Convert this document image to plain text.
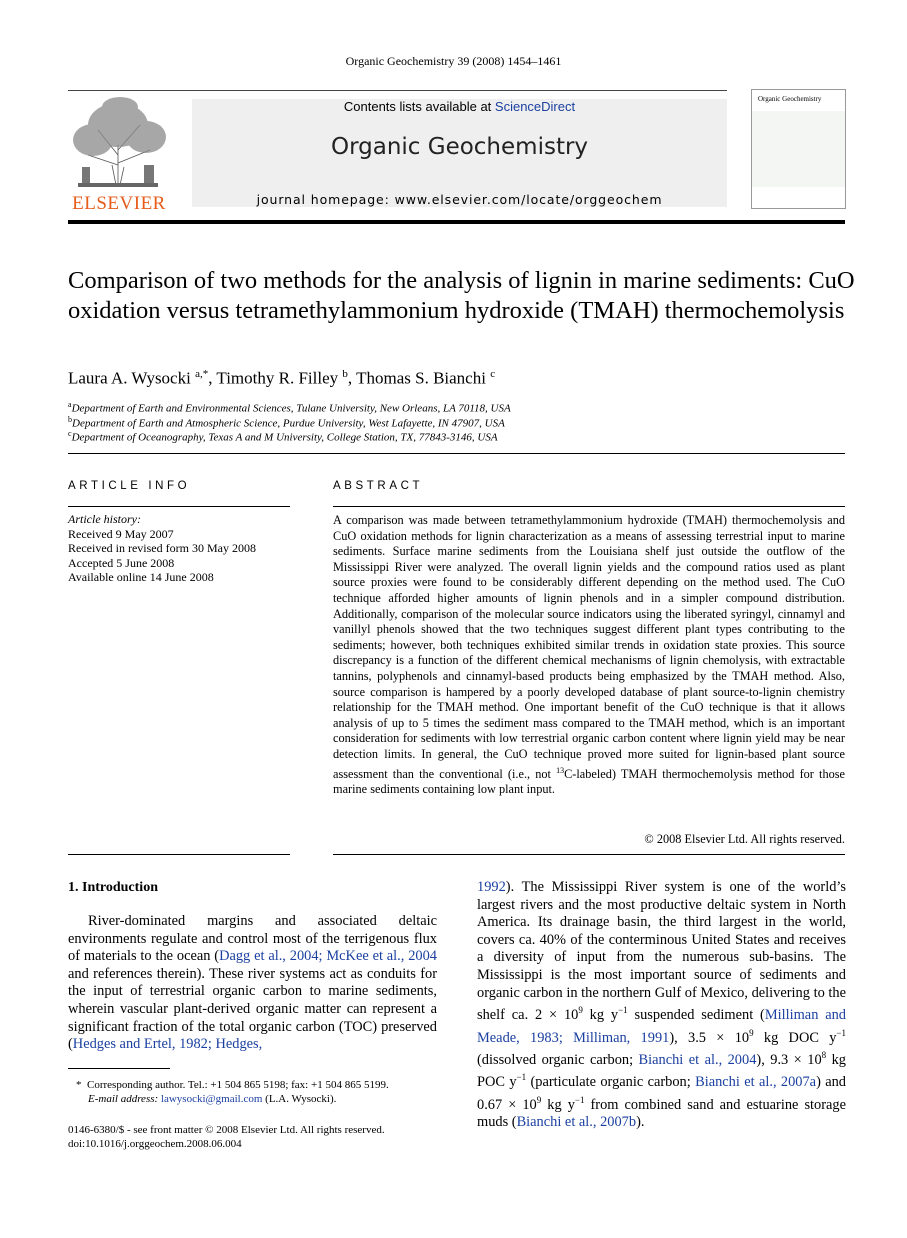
Organic Geochemistry 39 (2008) 1454–1461
ELSEVIER
Contents lists available at ScienceDirect
Organic Geochemistry
journal homepage: www.elsevier.com/locate/orggeochem
Organic Geochemistry
Comparison of two methods for the analysis of lignin in marine sediments: CuO oxidation versus tetramethylammonium hydroxide (TMAH) thermochemolysis
Laura A. Wysocki $^{a,*}$, Timothy R. Filley $^b$, Thomas S. Bianchi $^c$
$^a$Department of Earth and Environmental Sciences, Tulane University, New Orleans, LA 70118, USA
$^b$Department of Earth and Atmospheric Science, Purdue University, West Lafayette, IN 47907, USA
$^c$Department of Oceanography, Texas A and M University, College Station, TX, 77843-3146, USA
ARTICLE INFO
Article history:
Received 9 May 2007
Received in revised form 30 May 2008
Accepted 5 June 2008
Available online 14 June 2008
ABSTRACT
A comparison was made between tetramethylammonium hydroxide (TMAH) thermochemolysis and CuO oxidation methods for lignin characterization as a means of assessing terrestrial input to marine sediments. Surface marine sediments from the Louisiana shelf just outside the outflow of the Mississippi River were analyzed. The overall lignin yields and the compound ratios used as plant source proxies were found to be considerably different depending on the method used. The CuO technique afforded higher amounts of lignin phenols and in a simpler compound distribution. Additionally, comparison of the molecular source indicators using the liberated syringyl, cinnamyl and vanillyl phenols showed that the two techniques suggest different plant types contributing to the sediments; however, both techniques exhibited similar trends in oxidation state proxies. This source discrepancy is a function of the different chemical mechanisms of lignin chemolysis, with extractable tannins, polyphenols and cinnamyl-based products being emphasized by the TMAH method. Also, source comparison is hampered by a poorly developed database of plant source-to-lignin chemistry relationship for the TMAH method. One important benefit of the CuO technique is that it allows analysis of up to 5 times the sediment mass compared to the TMAH method, which is an important consideration for sediments with low terrestrial organic carbon content where lignin yield may be near detection limits. In general, the CuO technique proved more suited for lignin-based plant source assessment than the conventional (i.e., not $^{13}$C-labeled) TMAH thermochemolysis method for those marine sediments containing low plant input.
© 2008 Elsevier Ltd. All rights reserved.
1. Introduction
River-dominated margins and associated deltaic environments regulate and control most of the terrigenous flux of materials to the ocean (Dagg et al., 2004; McKee et al., 2004 and references therein). These river systems act as conduits for the input of terrestrial organic carbon to marine sediments, wherein vascular plant-derived organic matter can represent a significant fraction of the total organic carbon (TOC) preserved (Hedges and Ertel, 1982; Hedges,
1992). The Mississippi River system is one of the world’s largest rivers and the most productive deltaic system in North America. Its drainage basin, the third largest in the world, covers ca. 40% of the conterminous United States and receives a diversity of input from the numerous sub-basins. The Mississippi is the most important source of sediments and organic carbon in the northern Gulf of Mexico, delivering to the shelf ca. $2 \times 10^9$ kg $y^{-1}$ suspended sediment (Milliman and Meade, 1983; Milliman, 1991), $3.5 \times 10^9$ kg DOC $y^{-1}$ (dissolved organic carbon; Bianchi et al., 2004), $9.3 \times 10^8$ kg POC $y^{-1}$ (particulate organic carbon; Bianchi et al., 2007a) and $0.67 \times 10^9$ kg $y^{-1}$ from combined sand and estuarine storage muds (Bianchi et al., 2007b).
* Corresponding author. Tel.: +1 504 865 5198; fax: +1 504 865 5199.
E-mail address: lawysocki@gmail.com (L.A. Wysocki).
0146-6380/$ - see front matter © 2008 Elsevier Ltd. All rights reserved.
doi:10.1016/j.orggeochem.2008.06.004
